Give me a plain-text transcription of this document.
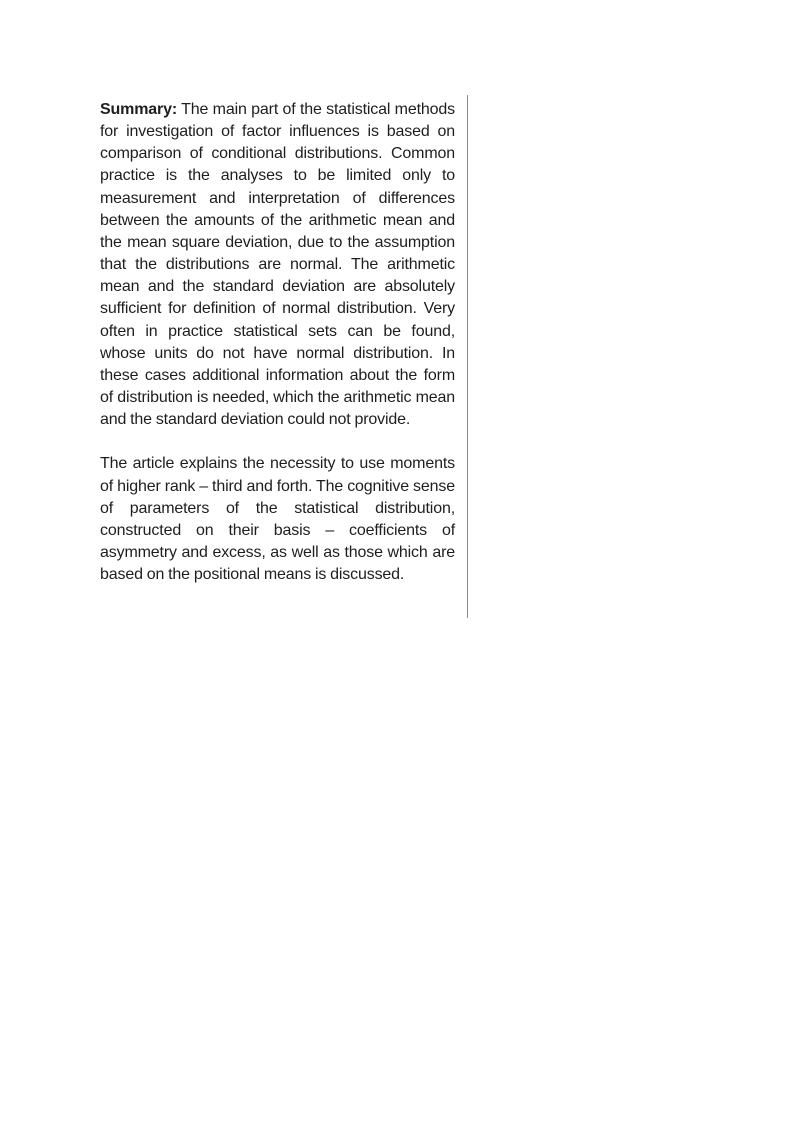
Summary: The main part of the statistical methods for investigation of factor influences is based on comparison of conditional distributions. Common practice is the analyses to be limited only to measurement and interpretation of differences between the amounts of the arithmetic mean and the mean square deviation, due to the assumption that the distributions are normal. The arithmetic mean and the standard deviation are absolutely sufficient for definition of normal distribution. Very often in practice statistical sets can be found, whose units do not have normal distribution. In these cases additional information about the form of distribution is needed, which the arithmetic mean and the standard deviation could not provide.

The article explains the necessity to use moments of higher rank – third and forth. The cognitive sense of parameters of the statistical distribution, constructed on their basis – coefficients of asymmetry and excess, as well as those which are based on the positional means is discussed.
